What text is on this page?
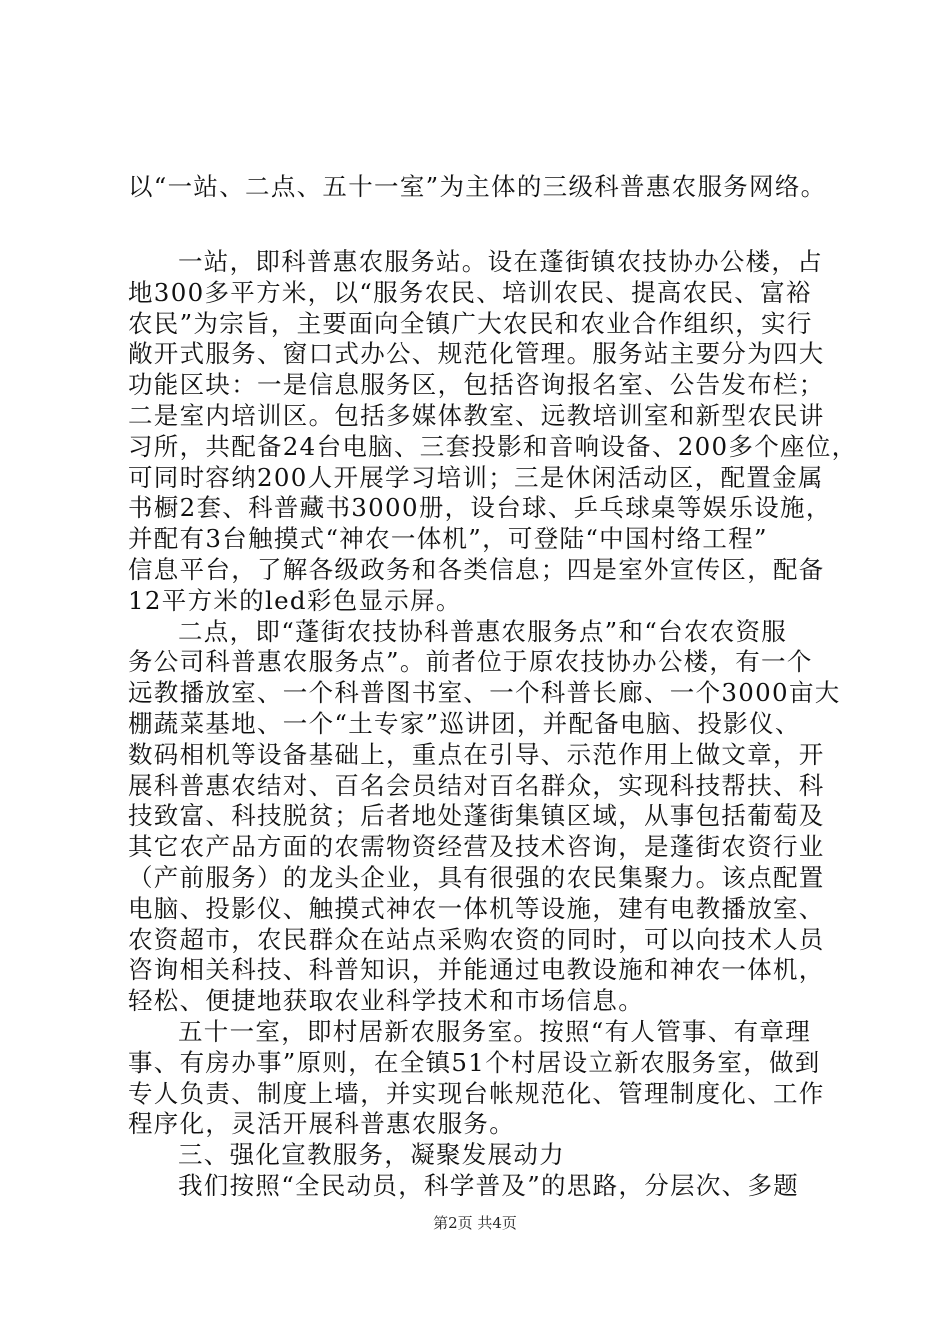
以“一站、二点、五十一室”为主体的三级科普惠农服务网络。
一站，即科普惠农服务站。设在蓬街镇农技协办公楼，占
地300多平方米，以“服务农民、培训农民、提高农民、富裕
农民”为宗旨，主要面向全镇广大农民和农业合作组织，实行
敞开式服务、窗口式办公、规范化管理。服务站主要分为四大
功能区块：一是信息服务区，包括咨询报名室、公告发布栏；
二是室内培训区。包括多媒体教室、远教培训室和新型农民讲
习所，共配备24台电脑、三套投影和音响设备、200多个座位，
可同时容纳200人开展学习培训；三是休闲活动区，配置金属
书橱2套、科普藏书3000册，设台球、乒乓球桌等娱乐设施，
并配有3台触摸式“神农一体机”，可登陆“中国村络工程”
信息平台，了解各级政务和各类信息；四是室外宣传区，配备
12平方米的led彩色显示屏。
二点，即“蓬街农技协科普惠农服务点”和“台农农资服
务公司科普惠农服务点”。前者位于原农技协办公楼，有一个
远教播放室、一个科普图书室、一个科普长廊、一个3000亩大
棚蔬菜基地、一个“土专家”巡讲团，并配备电脑、投影仪、
数码相机等设备基础上，重点在引导、示范作用上做文章，开
展科普惠农结对、百名会员结对百名群众，实现科技帮扶、科
技致富、科技脱贫；后者地处蓬街集镇区域，从事包括葡萄及
其它农产品方面的农需物资经营及技术咨询，是蓬街农资行业
（产前服务）的龙头企业，具有很强的农民集聚力。该点配置
电脑、投影仪、触摸式神农一体机等设施，建有电教播放室、
农资超市，农民群众在站点采购农资的同时，可以向技术人员
咨询相关科技、科普知识，并能通过电教设施和神农一体机，
轻松、便捷地获取农业科学技术和市场信息。
五十一室，即村居新农服务室。按照“有人管事、有章理
事、有房办事”原则，在全镇51个村居设立新农服务室，做到
专人负责、制度上墙，并实现台帐规范化、管理制度化、工作
程序化，灵活开展科普惠农服务。
三、强化宣教服务，凝聚发展动力
我们按照“全民动员，科学普及”的思路，分层次、多题
第2页 共4页
